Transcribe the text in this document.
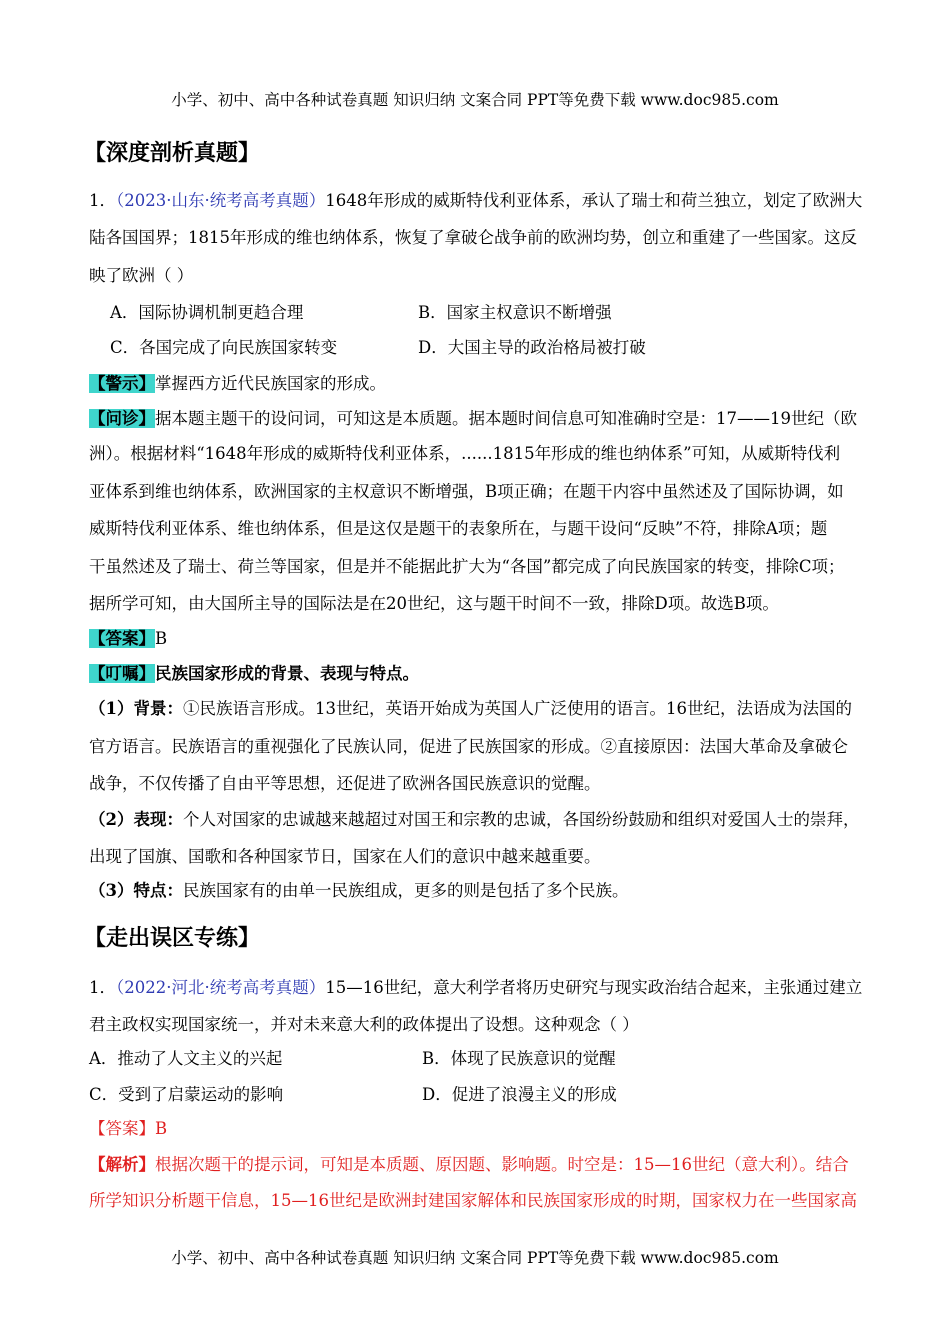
小学、初中、高中各种试卷真题 知识归纳 文案合同 PPT等免费下载 www.doc985.com
【深度剖析真题】
1．（2023·山东·统考高考真题）1648年形成的威斯特伐利亚体系，承认了瑞士和荷兰独立，划定了欧洲大
陆各国国界；1815年形成的维也纳体系，恢复了拿破仑战争前的欧洲均势，创立和重建了一些国家。这反
映了欧洲（ ）
A．国际协调机制更趋合理	B．国家主权意识不断增强
C．各国完成了向民族国家转变	D．大国主导的政治格局被打破
【警示】掌握西方近代民族国家的形成。
【问诊】据本题主题干的设问词，可知这是本质题。据本题时间信息可知准确时空是：17——19世纪（欧
洲）。根据材料“1648年形成的威斯特伐利亚体系，......1815年形成的维也纳体系”可知，从威斯特伐利
亚体系到维也纳体系，欧洲国家的主权意识不断增强，B项正确；在题干内容中虽然述及了国际协调，如
威斯特伐利亚体系、维也纳体系，但是这仅是题干的表象所在，与题干设问“反映”不符，排除A项；题
干虽然述及了瑞士、荷兰等国家，但是并不能据此扩大为“各国”都完成了向民族国家的转变，排除C项；
据所学可知，由大国所主导的国际法是在20世纪，这与题干时间不一致，排除D项。故选B项。
【答案】B
【叮嘱】民族国家形成的背景、表现与特点。
（1）背景：①民族语言形成。13世纪，英语开始成为英国人广泛使用的语言。16世纪，法语成为法国的
官方语言。民族语言的重视强化了民族认同，促进了民族国家的形成。②直接原因：法国大革命及拿破仑
战争，不仅传播了自由平等思想，还促进了欧洲各国民族意识的觉醒。
（2）表现：个人对国家的忠诚越来越超过对国王和宗教的忠诚，各国纷纷鼓励和组织对爱国人士的崇拜，
出现了国旗、国歌和各种国家节日，国家在人们的意识中越来越重要。
（3）特点：民族国家有的由单一民族组成，更多的则是包括了多个民族。
【走出误区专练】
1．（2022·河北·统考高考真题）15—16世纪，意大利学者将历史研究与现实政治结合起来，主张通过建立
君主政权实现国家统一，并对未来意大利的政体提出了设想。这种观念（ ）
A．推动了人文主义的兴起	B．体现了民族意识的觉醒
C．受到了启蒙运动的影响	D．促进了浪漫主义的形成
【答案】B
【解析】根据次题干的提示词，可知是本质题、原因题、影响题。时空是：15—16世纪（意大利）。结合
所学知识分析题干信息，15—16世纪是欧洲封建国家解体和民族国家形成的时期，国家权力在一些国家高
小学、初中、高中各种试卷真题 知识归纳 文案合同 PPT等免费下载 www.doc985.com
